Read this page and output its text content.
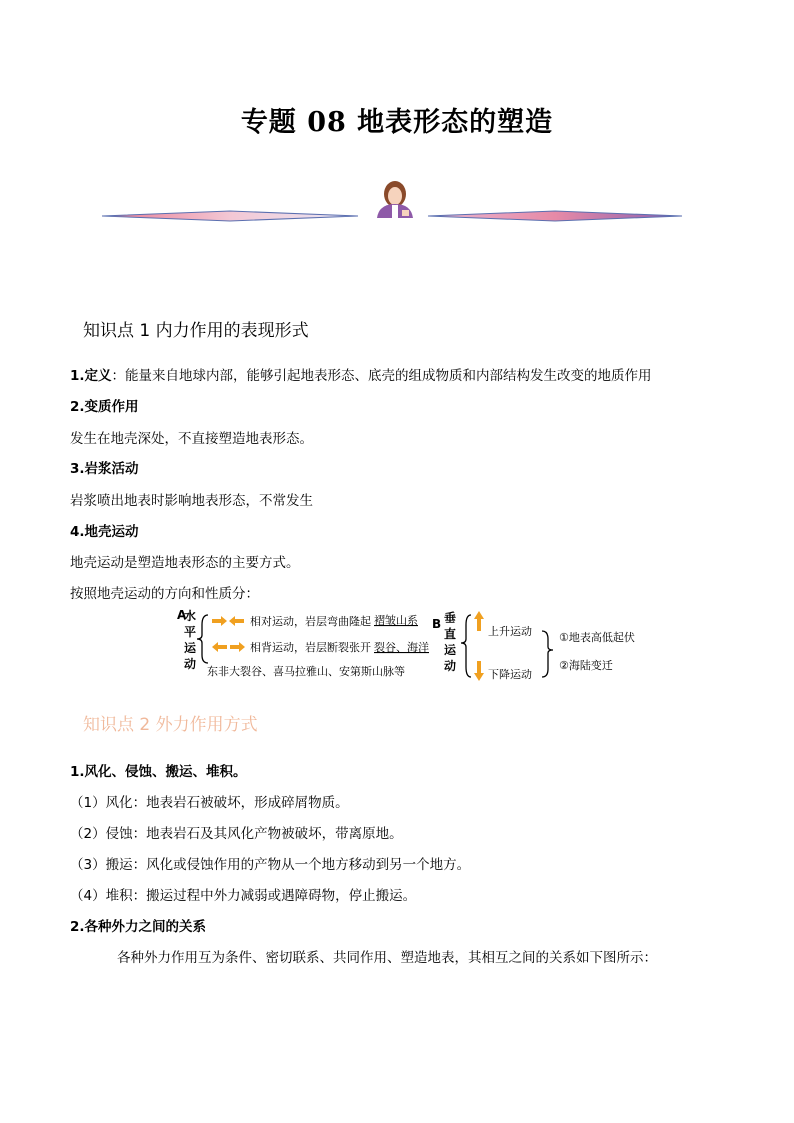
专题 08 地表形态的塑造
知识点 1 内力作用的表现形式
1.定义：能量来自地球内部，能够引起地表形态、底壳的组成物质和内部结构发生改变的地质作用
2.变质作用
发生在地壳深处，不直接塑造地表形态。
3.岩浆活动
岩浆喷出地表时影响地表形态，不常发生
4.地壳运动
地壳运动是塑造地表形态的主要方式。
按照地壳运动的方向和性质分：
A
水
平
运
动
相对运动，岩层弯曲隆起 褶皱山系
相背运动，岩层断裂张开 裂谷、海洋
东非大裂谷、喜马拉雅山、安第斯山脉等
B 垂
直
运
动
上升运动
下降运动
①地表高低起伏
②海陆变迁
知识点 2 外力作用方式
1.风化、侵蚀、搬运、堆积。
（1）风化：地表岩石被破坏，形成碎屑物质。
（2）侵蚀：地表岩石及其风化产物被破坏，带离原地。
（3）搬运：风化或侵蚀作用的产物从一个地方移动到另一个地方。
（4）堆积：搬运过程中外力减弱或遇障碍物，停止搬运。
2.各种外力之间的关系
各种外力作用互为条件、密切联系、共同作用、塑造地表，其相互之间的关系如下图所示：
